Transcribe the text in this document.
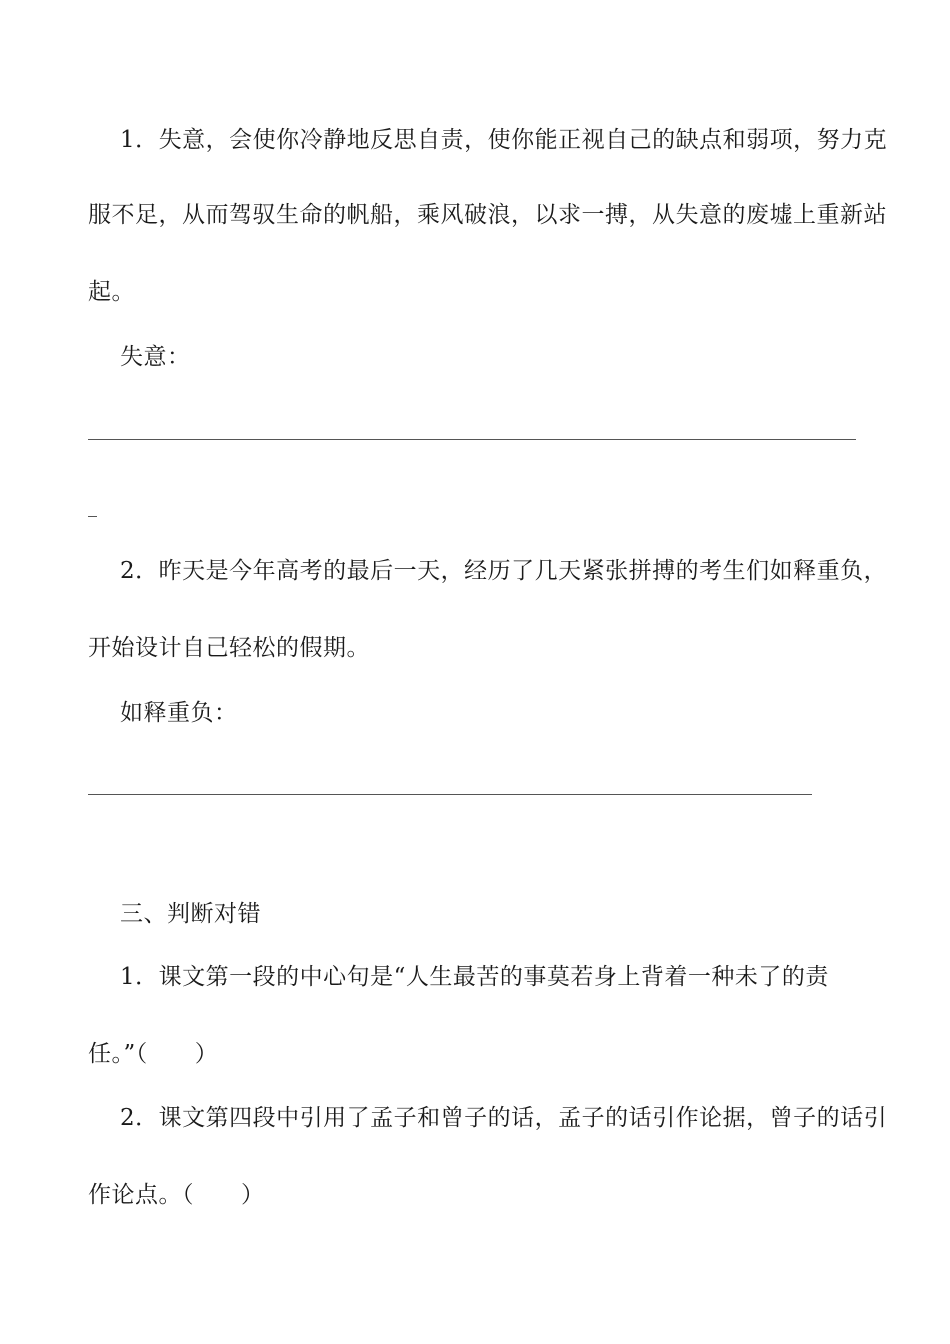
1．失意，会使你冷静地反思自责，使你能正视自己的缺点和弱项，努力克
服不足，从而驾驭生命的帆船，乘风破浪，以求一搏，从失意的废墟上重新站
起。
失意：
2．昨天是今年高考的最后一天，经历了几天紧张拼搏的考生们如释重负，
开始设计自己轻松的假期。
如释重负：
三、判断对错
1．课文第一段的中心句是“人生最苦的事莫若身上背着一种未了的责
任。”（　　）
2．课文第四段中引用了孟子和曾子的话，孟子的话引作论据，曾子的话引
作论点。（　　）
